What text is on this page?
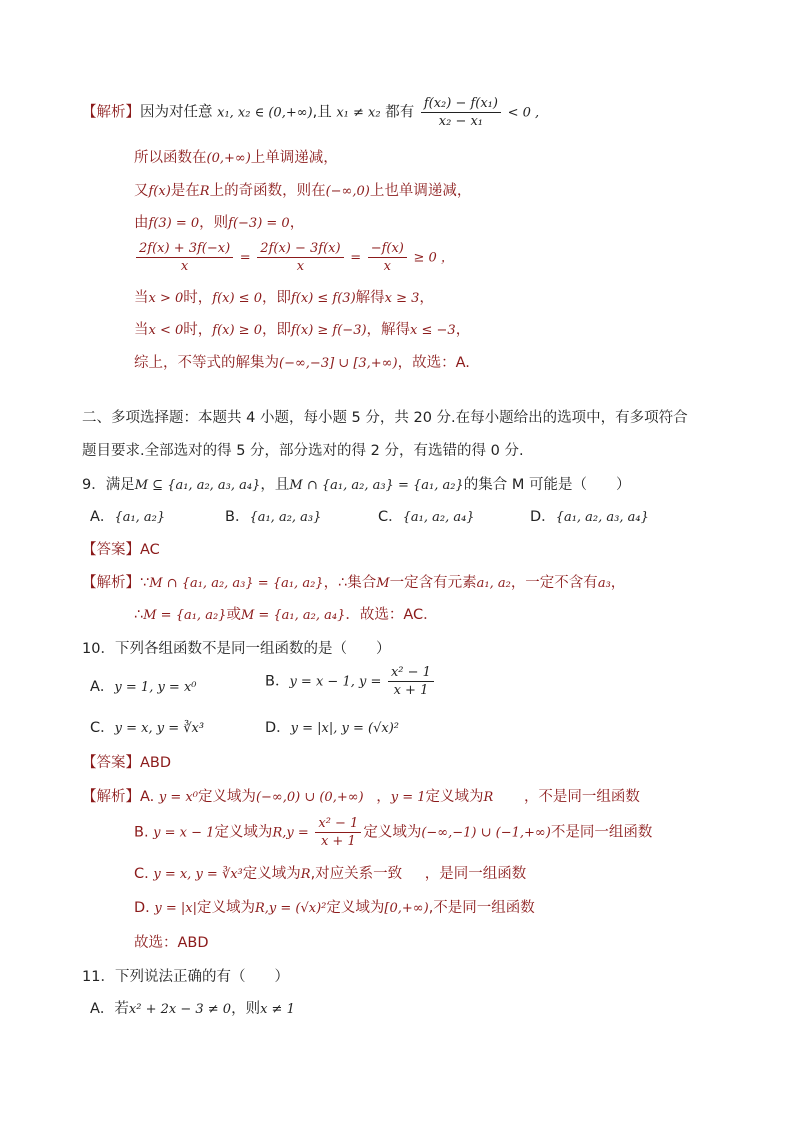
【解析】因为对任意 x₁, x₂ ∈ (0,+∞),且 x₁ ≠ x₂ 都有 $\frac{\text{f(x₂) − f(x₁)}}{\text{x₂ − x₁}} < 0$ ,
所以函数在(0,+∞)上单调递减，
又f(x)是在R上的奇函数，则在(−∞,0)上也单调递减，
由f(3) = 0，则f(−3) = 0，
$\frac{2f(x) + 3f(-x)}{x} = \frac{2f(x) - 3f(x)}{x} = \frac{-f(x)}{x} \ge 0$ ，
当x > 0时，f(x) ≤ 0，即f(x) ≤ f(3)解得x ≥ 3，
当x < 0时，f(x) ≥ 0，即f(x) ≥ f(−3)，解得x ≤ −3，
综上，不等式的解集为(−∞,−3] ∪ [3,+∞)，故选：A.
二、多项选择题：本题共 4 小题，每小题 5 分，共 20 分.在每小题给出的选项中，有多项符合
题目要求.全部选对的得 5 分，部分选对的得 2 分，有选错的得 0 分.
9．满足M ⊆ {a₁, a₂, a₃, a₄}，且M ∩ {a₁, a₂, a₃} = {a₁, a₂}的集合 M 可能是（　　）
A．{a₁, a₂}	B．{a₁, a₂, a₃}	C．{a₁, a₂, a₄}	D．{a₁, a₂, a₃, a₄}
【答案】AC
【解析】∵M ∩ {a₁, a₂, a₃} = {a₁, a₂}，∴集合M一定含有元素a₁, a₂，一定不含有a₃，
∴M = {a₁, a₂}或M = {a₁, a₂, a₄}．故选：AC．
10．下列各组函数不是同一组函数的是（　　）
A．y = 1, y = x⁰	B．y = x − 1, $y = \frac{\text{x² − 1}}{x + 1}$
C．y = x, y = ∛x³	D．y = |x|, y = (√x)²
【答案】ABD
【解析】A. y = x⁰定义域为(−∞,0) ∪ (0,+∞) ，y = 1定义域为R ，不是同一组函数
B. y = x − 1定义域为$R,y = \frac{\text{x² − 1}}{x + 1}$ 定义域为(−∞,−1) ∪ (−1,+∞)不是同一组函数
C. y = x, y = ∛x³定义域为R,对应关系一致 ，是同一组函数
D. y = |x|定义域为R,y = (√x)²定义域为[0,+∞),不是同一组函数
故选：ABD
11．下列说法正确的有（　　）
A．若x² + 2x − 3 ≠ 0，则x ≠ 1
